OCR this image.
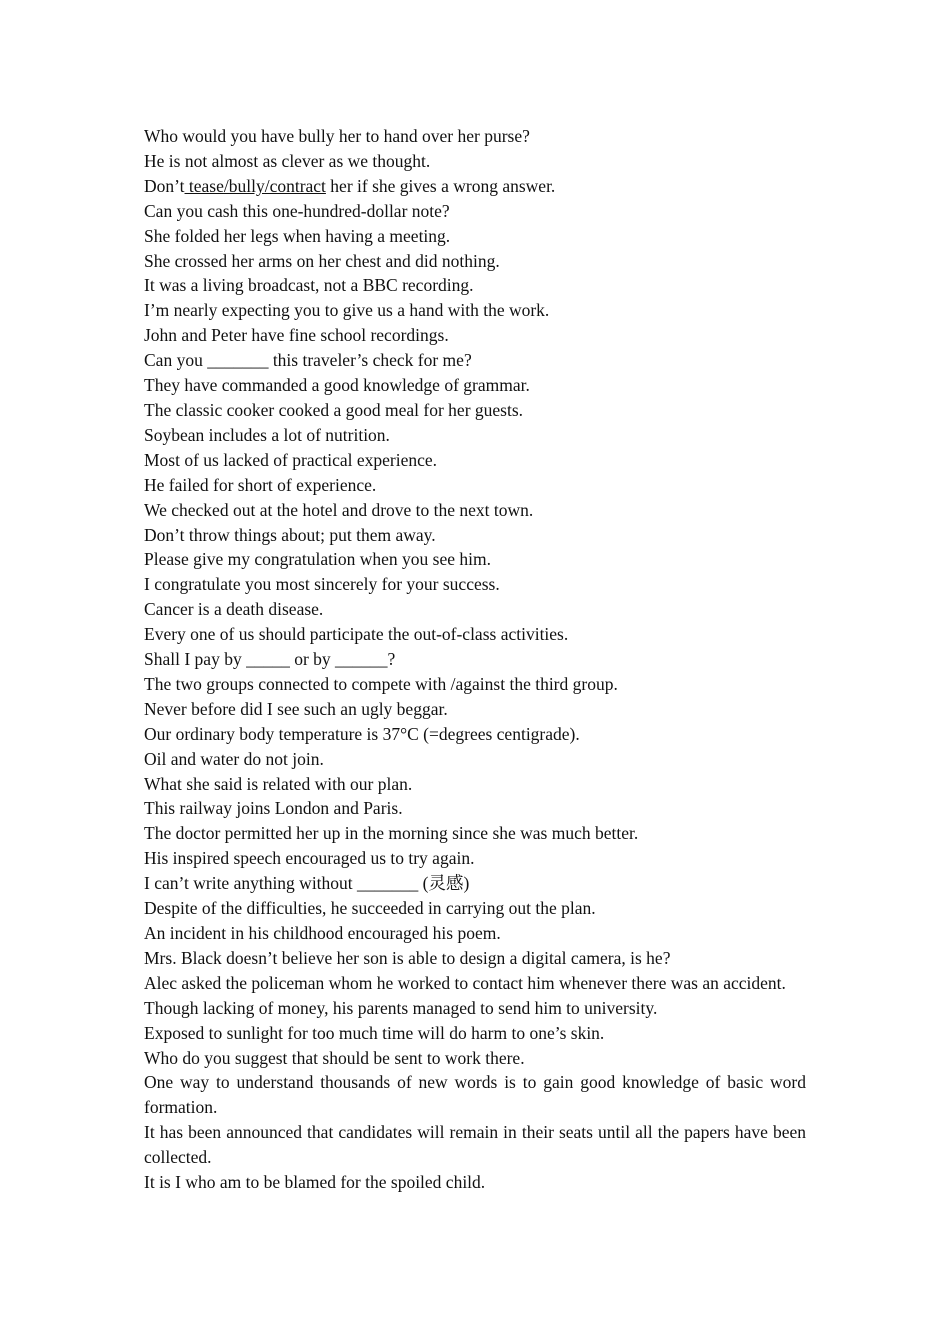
Who would you have bully her to hand over her purse?

He is not almost as clever as we thought.

Don’t tease/bully/contract her if she gives a wrong answer.

Can you cash this one-hundred-dollar note?

She folded her legs when having a meeting.

She crossed her arms on her chest and did nothing.

It was a living broadcast, not a BBC recording.

I’m nearly expecting you to give us a hand with the work.

John and Peter have fine school recordings.

Can you _______ this traveler’s check for me?

They have commanded a good knowledge of grammar.

The classic cooker cooked a good meal for her guests.

Soybean includes a lot of nutrition.

Most of us lacked of practical experience.

He failed for short of experience.

We checked out at the hotel and drove to the next town.

Don’t throw things about; put them away.

Please give my congratulation when you see him.

I congratulate you most sincerely for your success.

Cancer is a death disease.

Every one of us should participate the out-of-class activities.

Shall I pay by _____ or by ______?

The two groups connected to compete with /against the third group.

Never before did I see such an ugly beggar.

Our ordinary body temperature is 37°C (=degrees centigrade).

Oil and water do not join.

What she said is related with our plan.

This railway joins London and Paris.

The doctor permitted her up in the morning since she was much better.

His inspired speech encouraged us to try again.

I can’t write anything without _______ (灵感)

Despite of the difficulties, he succeeded in carrying out the plan.

An incident in his childhood encouraged his poem.

Mrs. Black doesn’t believe her son is able to design a digital camera, is he?

Alec asked the policeman whom he worked to contact him whenever there was an accident.

Though lacking of money, his parents managed to send him to university.

Exposed to sunlight for too much time will do harm to one’s skin.

Who do you suggest that should be sent to work there.

One way to understand thousands of new words is to gain good knowledge of basic word formation.

It has been announced that candidates will remain in their seats until all the papers have been collected.

It is I who am to be blamed for the spoiled child.
